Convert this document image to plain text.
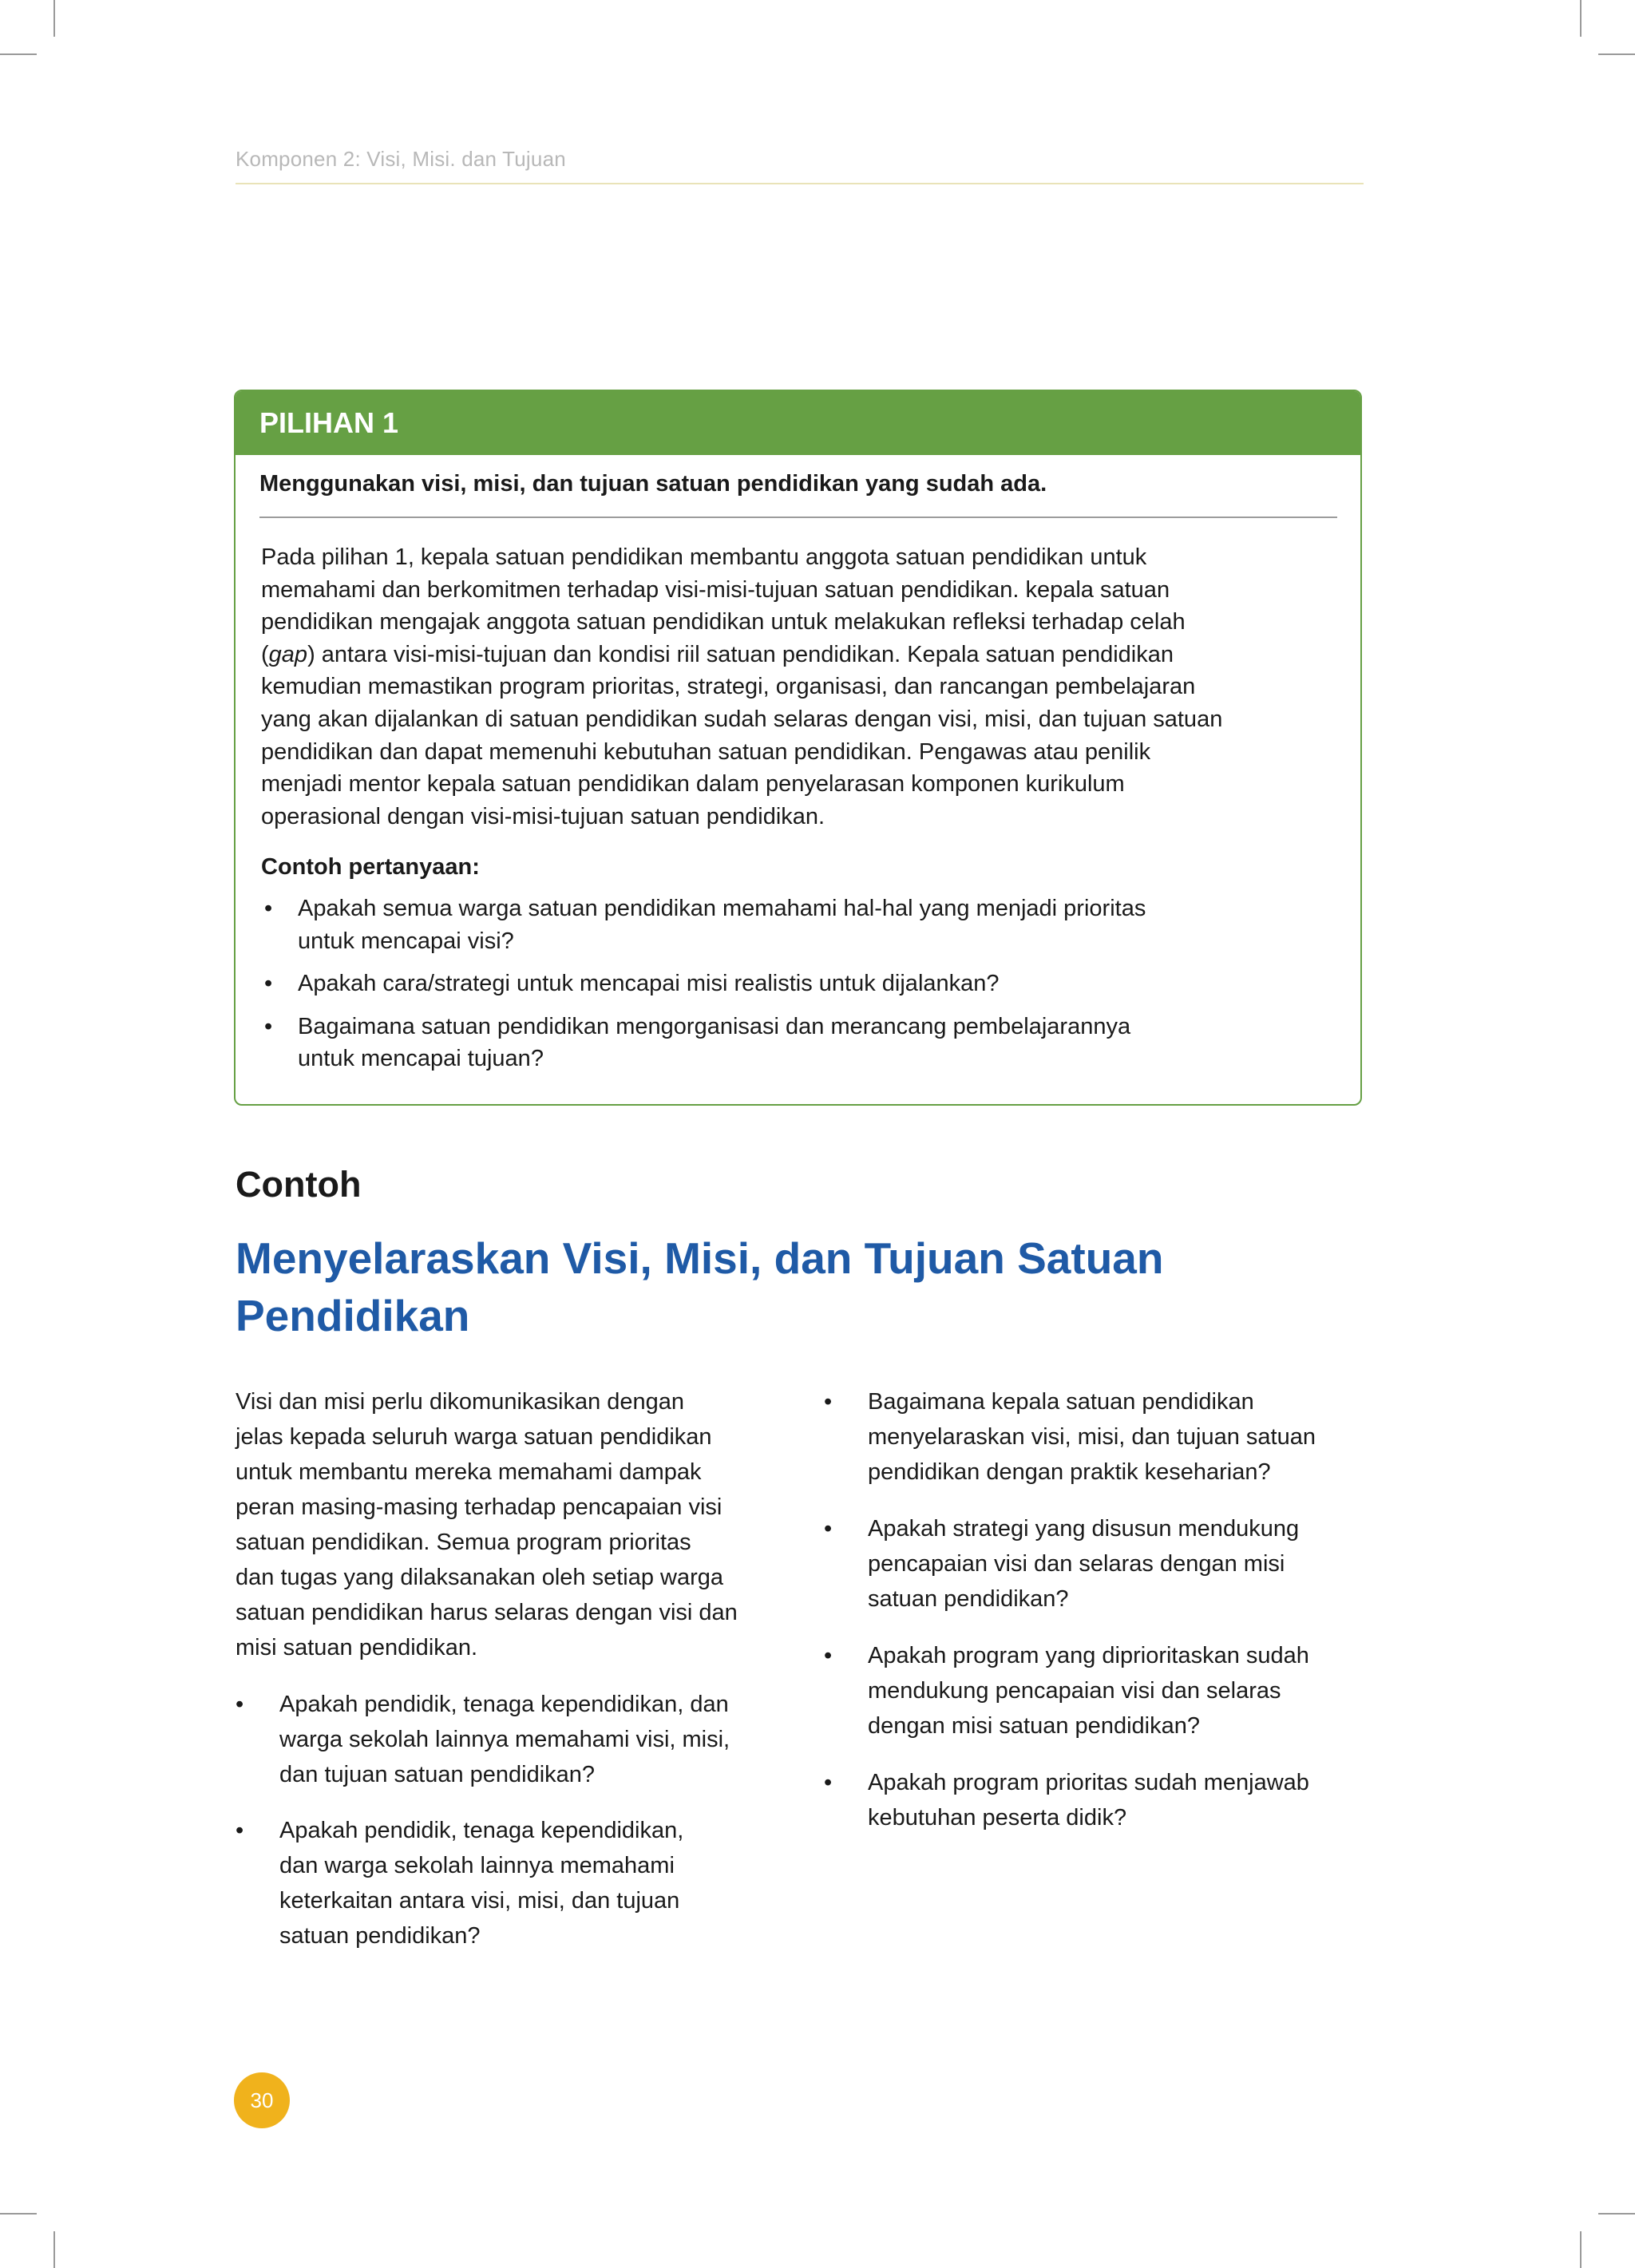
Komponen 2: Visi, Misi. dan Tujuan
PILIHAN 1
Menggunakan visi, misi, dan tujuan satuan pendidikan yang sudah ada.
Pada pilihan 1, kepala satuan pendidikan membantu anggota satuan pendidikan untuk
memahami dan berkomitmen terhadap visi-misi-tujuan satuan pendidikan. kepala satuan
pendidikan mengajak anggota satuan pendidikan untuk melakukan refleksi terhadap celah
(gap) antara visi-misi-tujuan dan kondisi riil satuan pendidikan. Kepala satuan pendidikan
kemudian memastikan program prioritas, strategi, organisasi, dan rancangan pembelajaran
yang akan dijalankan di satuan pendidikan sudah selaras dengan visi, misi, dan tujuan satuan
pendidikan dan dapat memenuhi kebutuhan satuan pendidikan. Pengawas atau penilik
menjadi mentor kepala satuan pendidikan dalam penyelarasan komponen kurikulum
operasional dengan visi-misi-tujuan satuan pendidikan.
Contoh pertanyaan:
• Apakah semua warga satuan pendidikan memahami hal-hal yang menjadi prioritas
untuk mencapai visi?
• Apakah cara/strategi untuk mencapai misi realistis untuk dijalankan?
• Bagaimana satuan pendidikan mengorganisasi dan merancang pembelajarannya
untuk mencapai tujuan?
Contoh
Menyelaraskan Visi, Misi, dan Tujuan Satuan
Pendidikan
Visi dan misi perlu dikomunikasikan dengan
jelas kepada seluruh warga satuan pendidikan
untuk membantu mereka memahami dampak
peran masing-masing terhadap pencapaian visi
satuan pendidikan. Semua program prioritas
dan tugas yang dilaksanakan oleh setiap warga
satuan pendidikan harus selaras dengan visi dan
misi satuan pendidikan.
• Apakah pendidik, tenaga kependidikan, dan
warga sekolah lainnya memahami visi, misi,
dan tujuan satuan pendidikan?
• Apakah pendidik, tenaga kependidikan,
dan warga sekolah lainnya memahami
keterkaitan antara visi, misi, dan tujuan
satuan pendidikan?
• Bagaimana kepala satuan pendidikan
menyelaraskan visi, misi, dan tujuan satuan
pendidikan dengan praktik keseharian?
• Apakah strategi yang disusun mendukung
pencapaian visi dan selaras dengan misi
satuan pendidikan?
• Apakah program yang diprioritaskan sudah
mendukung pencapaian visi dan selaras
dengan misi satuan pendidikan?
• Apakah program prioritas sudah menjawab
kebutuhan peserta didik?
30
